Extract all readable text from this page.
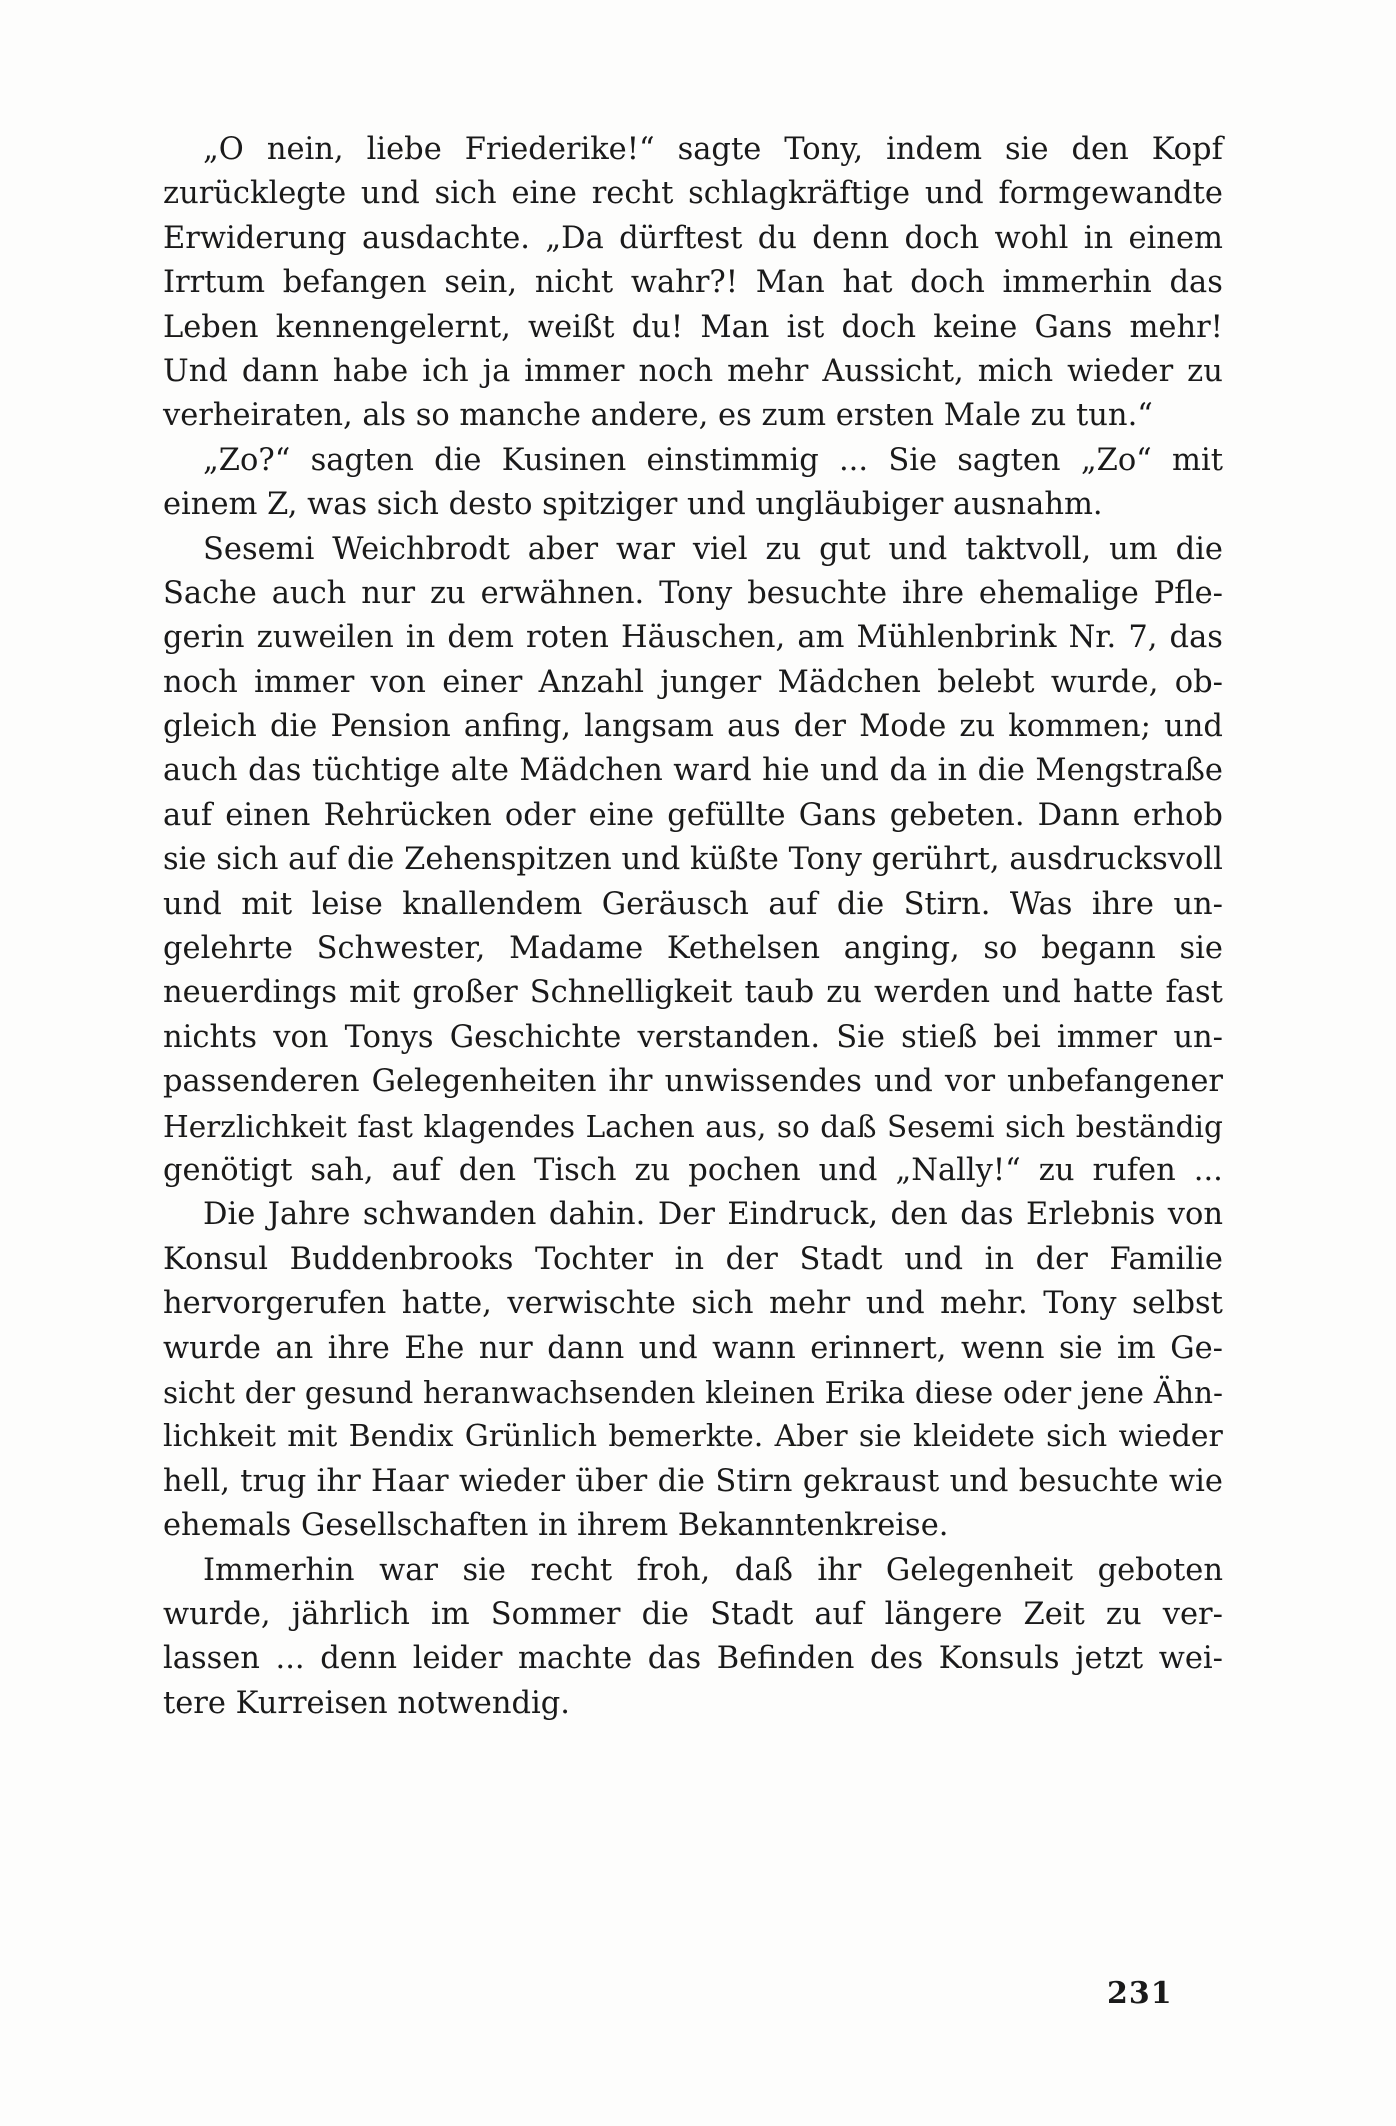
„O nein, liebe Friederike!“ sagte Tony, indem sie den Kopf
zurücklegte und sich eine recht schlagkräftige und formgewandte
Erwiderung ausdachte. „Da dürftest du denn doch wohl in einem
Irrtum befangen sein, nicht wahr?! Man hat doch immerhin das
Leben kennengelernt, weißt du! Man ist doch keine Gans mehr!
Und dann habe ich ja immer noch mehr Aussicht, mich wieder zu
verheiraten, als so manche andere, es zum ersten Male zu tun.“
„Zo?“ sagten die Kusinen einstimmig ... Sie sagten „Zo“ mit
einem Z, was sich desto spitziger und ungläubiger ausnahm.
Sesemi Weichbrodt aber war viel zu gut und taktvoll, um die
Sache auch nur zu erwähnen. Tony besuchte ihre ehemalige Pfle-
gerin zuweilen in dem roten Häuschen, am Mühlenbrink Nr. 7, das
noch immer von einer Anzahl junger Mädchen belebt wurde, ob-
gleich die Pension anfing, langsam aus der Mode zu kommen; und
auch das tüchtige alte Mädchen ward hie und da in die Mengstraße
auf einen Rehrücken oder eine gefüllte Gans gebeten. Dann erhob
sie sich auf die Zehenspitzen und küßte Tony gerührt, ausdrucksvoll
und mit leise knallendem Geräusch auf die Stirn. Was ihre un-
gelehrte Schwester, Madame Kethelsen anging, so begann sie
neuerdings mit großer Schnelligkeit taub zu werden und hatte fast
nichts von Tonys Geschichte verstanden. Sie stieß bei immer un-
passenderen Gelegenheiten ihr unwissendes und vor unbefangener
Herzlichkeit fast klagendes Lachen aus, so daß Sesemi sich beständig
genötigt sah, auf den Tisch zu pochen und „Nally!“ zu rufen ...
Die Jahre schwanden dahin. Der Eindruck, den das Erlebnis von
Konsul Buddenbrooks Tochter in der Stadt und in der Familie
hervorgerufen hatte, verwischte sich mehr und mehr. Tony selbst
wurde an ihre Ehe nur dann und wann erinnert, wenn sie im Ge-
sicht der gesund heranwachsenden kleinen Erika diese oder jene Ähn-
lichkeit mit Bendix Grünlich bemerkte. Aber sie kleidete sich wieder
hell, trug ihr Haar wieder über die Stirn gekraust und besuchte wie
ehemals Gesellschaften in ihrem Bekanntenkreise.
Immerhin war sie recht froh, daß ihr Gelegenheit geboten
wurde, jährlich im Sommer die Stadt auf längere Zeit zu ver-
lassen ... denn leider machte das Befinden des Konsuls jetzt wei-
tere Kurreisen notwendig.
231
